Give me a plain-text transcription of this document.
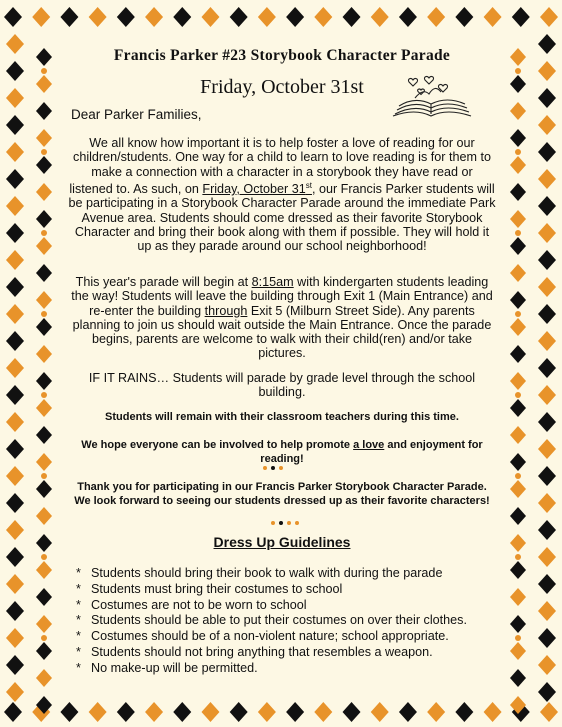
Francis Parker #23 Storybook Character Parade
Friday, October 31st
Dear Parker Families,
We all know how important it is to help foster a love of reading for our children/students. One way for a child to learn to love reading is for them to make a connection with a character in a storybook they have read or listened to. As such, on Friday, October 31st, our Francis Parker students will be participating in a Storybook Character Parade around the immediate Park Avenue area. Students should come dressed as their favorite Storybook Character and bring their book along with them if possible. They will hold it up as they parade around our school neighborhood!
This year's parade will begin at 8:15am with kindergarten students leading the way! Students will leave the building through Exit 1 (Main Entrance) and re-enter the building through Exit 5 (Milburn Street Side). Any parents planning to join us should wait outside the Main Entrance. Once the parade begins, parents are welcome to walk with their child(ren) and/or take pictures.
IF IT RAINS… Students will parade by grade level through the school building.
Students will remain with their classroom teachers during this time.
We hope everyone can be involved to help promote a love and enjoyment for reading!
Thank you for participating in our Francis Parker Storybook Character Parade. We look forward to seeing our students dressed up as their favorite characters!
Dress Up Guidelines
* Students should bring their book to walk with during the parade
* Students must bring their costumes to school
* Costumes are not to be worn to school
* Students should be able to put their costumes on over their clothes.
* Costumes should be of a non-violent nature; school appropriate.
* Students should not bring anything that resembles a weapon.
* No make-up will be permitted.
